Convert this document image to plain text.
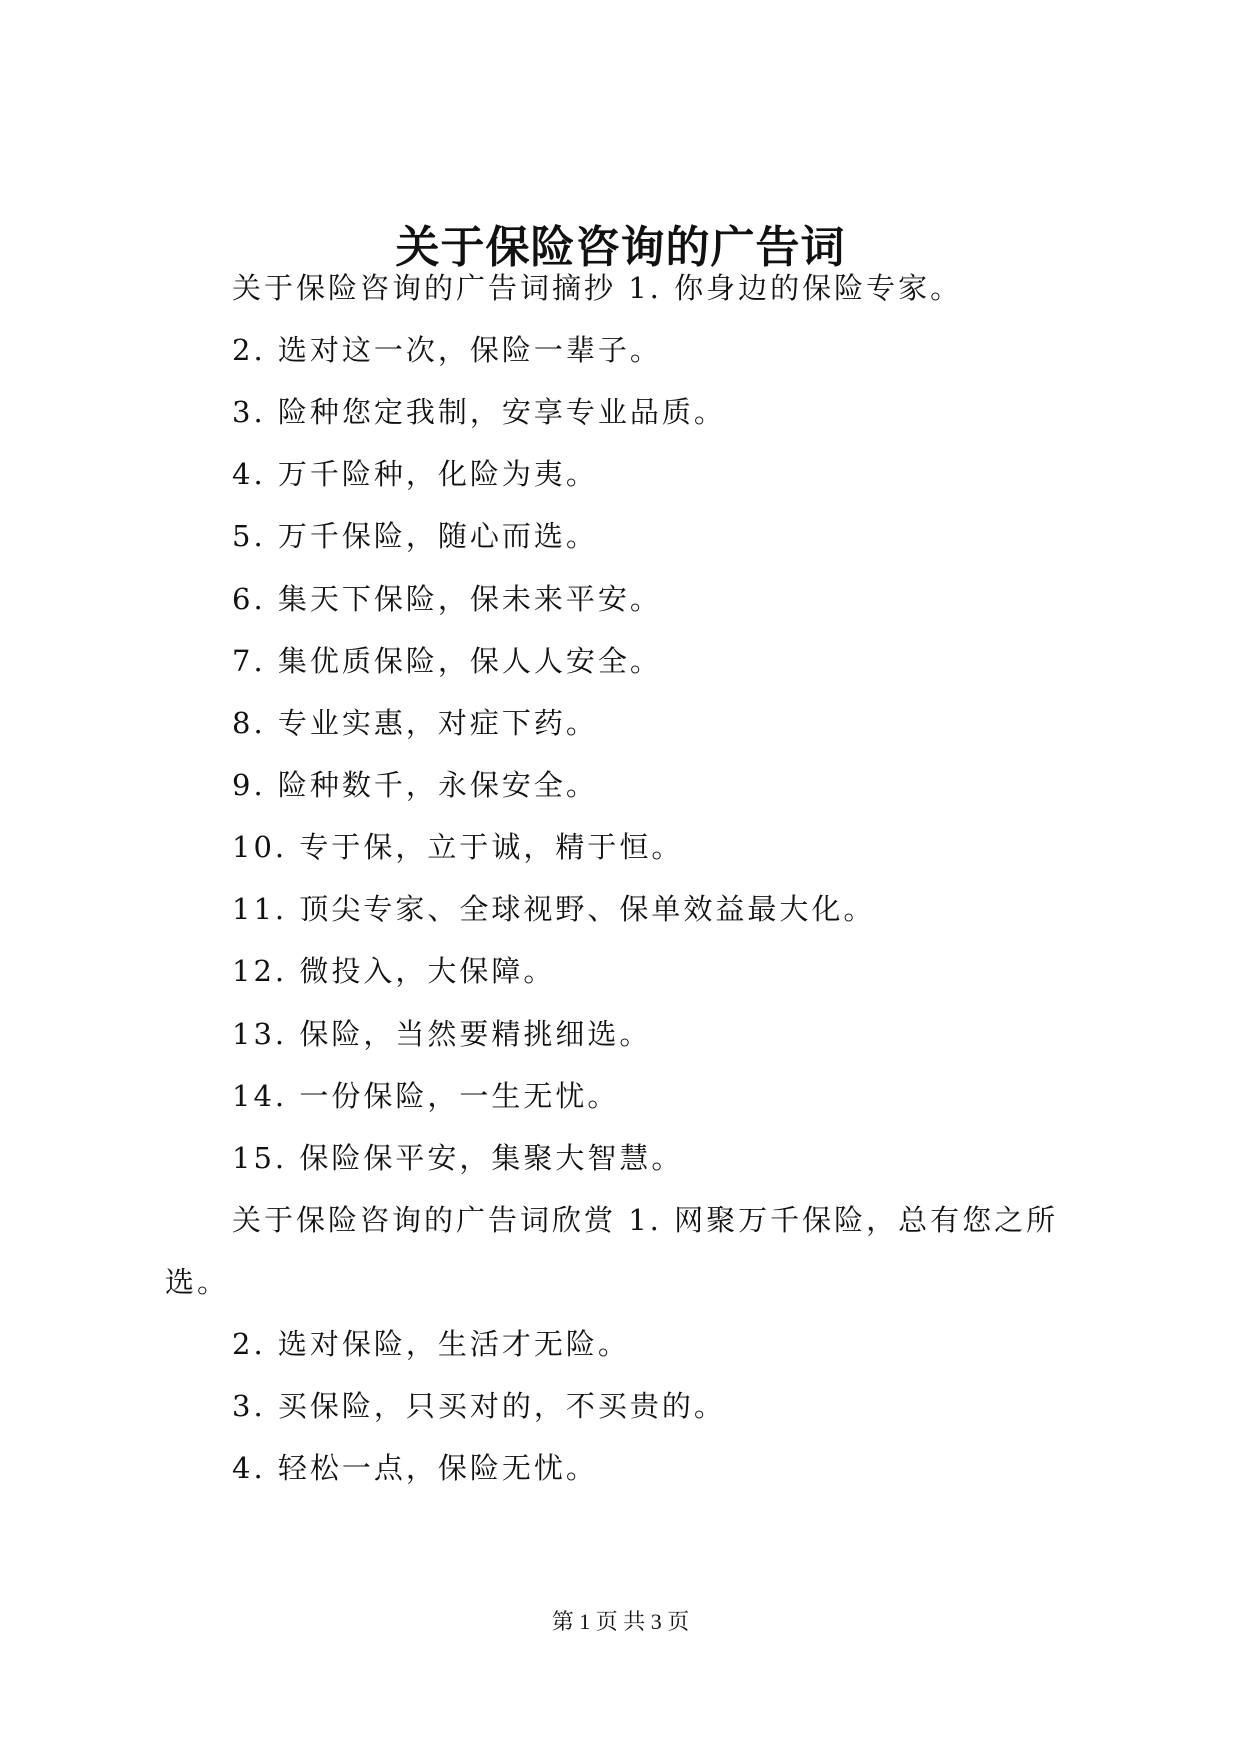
关于保险咨询的广告词
关于保险咨询的广告词摘抄 1. 你身边的保险专家。
2. 选对这一次，保险一辈子。
3. 险种您定我制，安享专业品质。
4. 万千险种，化险为夷。
5. 万千保险，随心而选。
6. 集天下保险，保未来平安。
7. 集优质保险，保人人安全。
8. 专业实惠，对症下药。
9. 险种数千，永保安全。
10. 专于保，立于诚，精于恒。
11. 顶尖专家、全球视野、保单效益最大化。
12. 微投入，大保障。
13. 保险，当然要精挑细选。
14. 一份保险，一生无忧。
15. 保险保平安，集聚大智慧。
关于保险咨询的广告词欣赏 1. 网聚万千保险，总有您之所
选。
2. 选对保险，生活才无险。
3. 买保险，只买对的，不买贵的。
4. 轻松一点，保险无忧。
第 1 页 共 3 页
